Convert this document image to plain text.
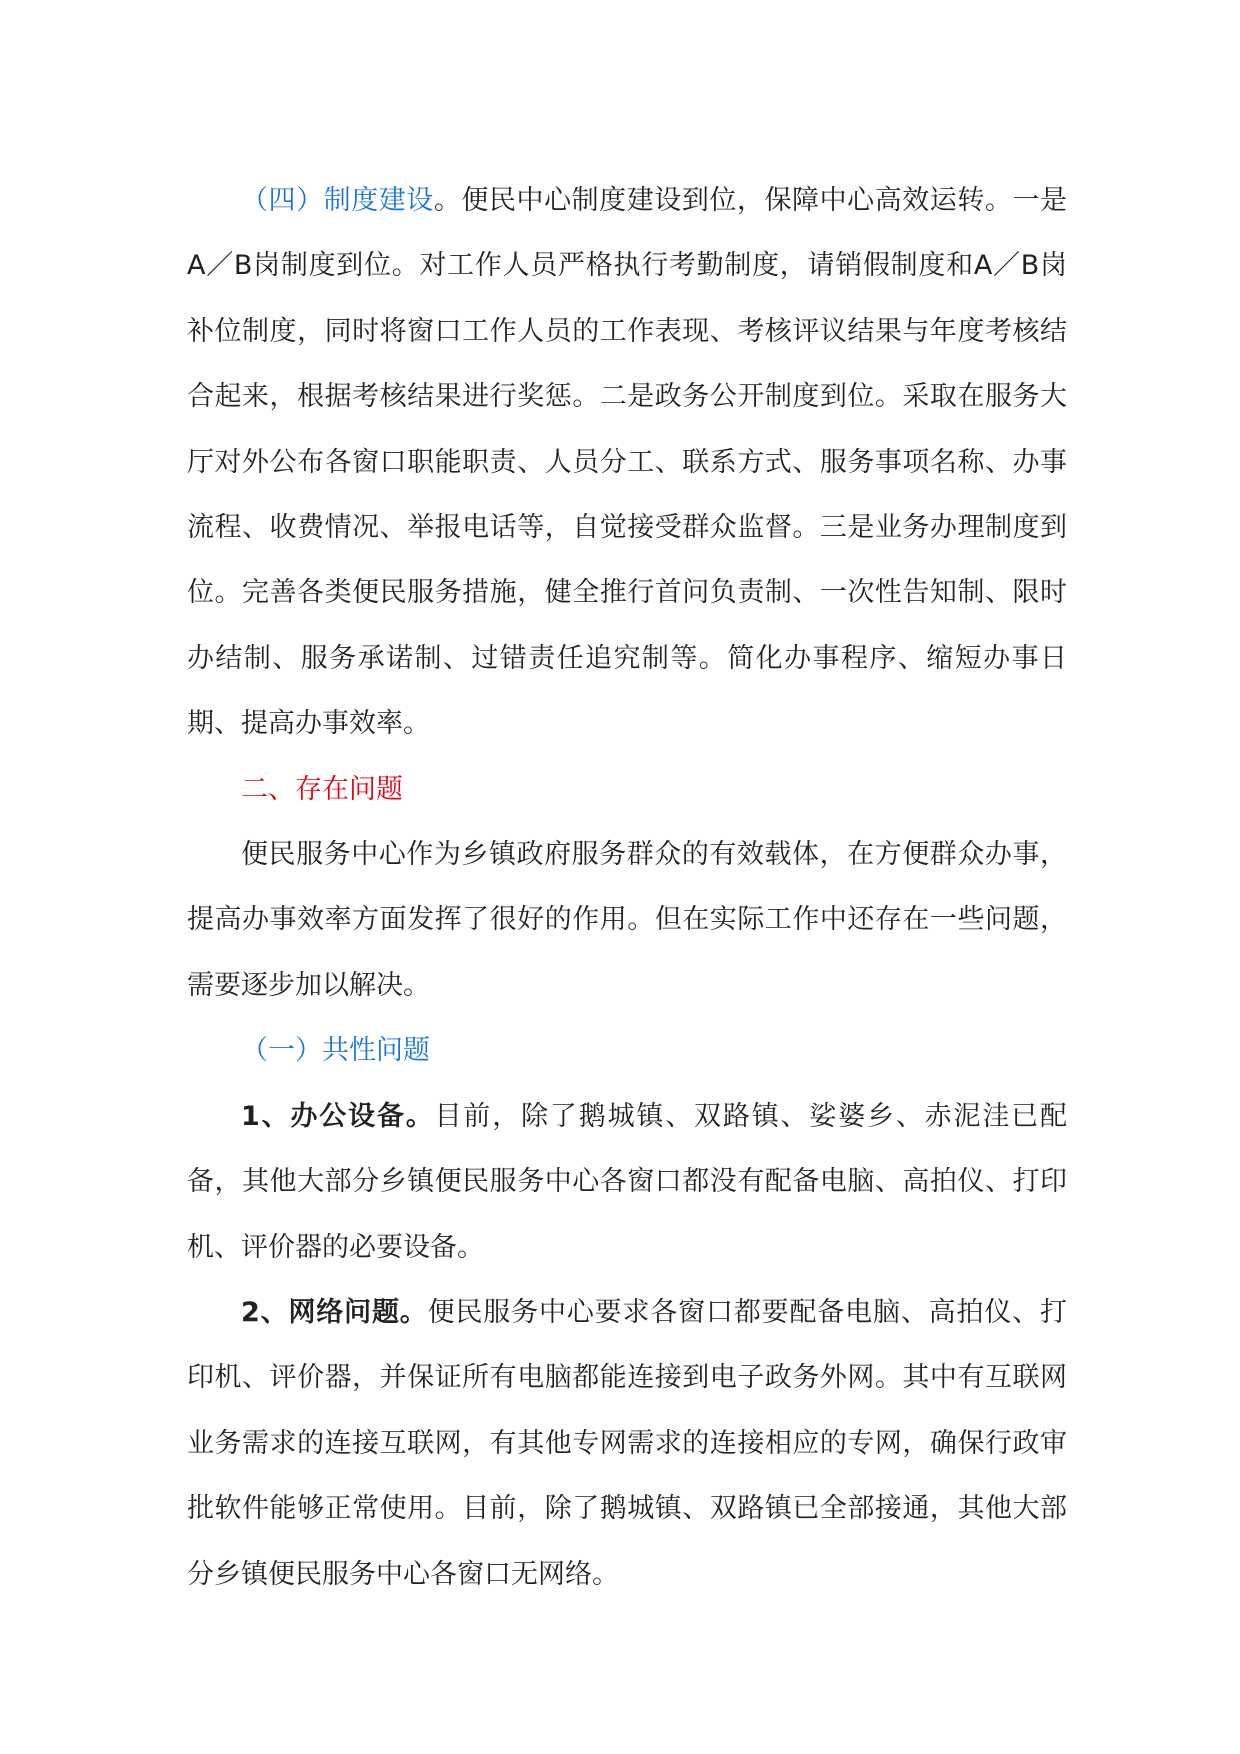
（四）制度建设。便民中心制度建设到位，保障中心高效运转。一是A／B岗制度到位。对工作人员严格执行考勤制度，请销假制度和A／B岗补位制度，同时将窗口工作人员的工作表现、考核评议结果与年度考核结合起来，根据考核结果进行奖惩。二是政务公开制度到位。采取在服务大厅对外公布各窗口职能职责、人员分工、联系方式、服务事项名称、办事流程、收费情况、举报电话等，自觉接受群众监督。三是业务办理制度到位。完善各类便民服务措施，健全推行首问负责制、一次性告知制、限时办结制、服务承诺制、过错责任追究制等。简化办事程序、缩短办事日期、提高办事效率。

二、存在问题

便民服务中心作为乡镇政府服务群众的有效载体，在方便群众办事，提高办事效率方面发挥了很好的作用。但在实际工作中还存在一些问题，需要逐步加以解决。

（一）共性问题

1、办公设备。目前，除了鹅城镇、双路镇、娑婆乡、赤泥洼已配备，其他大部分乡镇便民服务中心各窗口都没有配备电脑、高拍仪、打印机、评价器的必要设备。

2、网络问题。便民服务中心要求各窗口都要配备电脑、高拍仪、打印机、评价器，并保证所有电脑都能连接到电子政务外网。其中有互联网业务需求的连接互联网，有其他专网需求的连接相应的专网，确保行政审批软件能够正常使用。目前，除了鹅城镇、双路镇已全部接通，其他大部分乡镇便民服务中心各窗口无网络。
